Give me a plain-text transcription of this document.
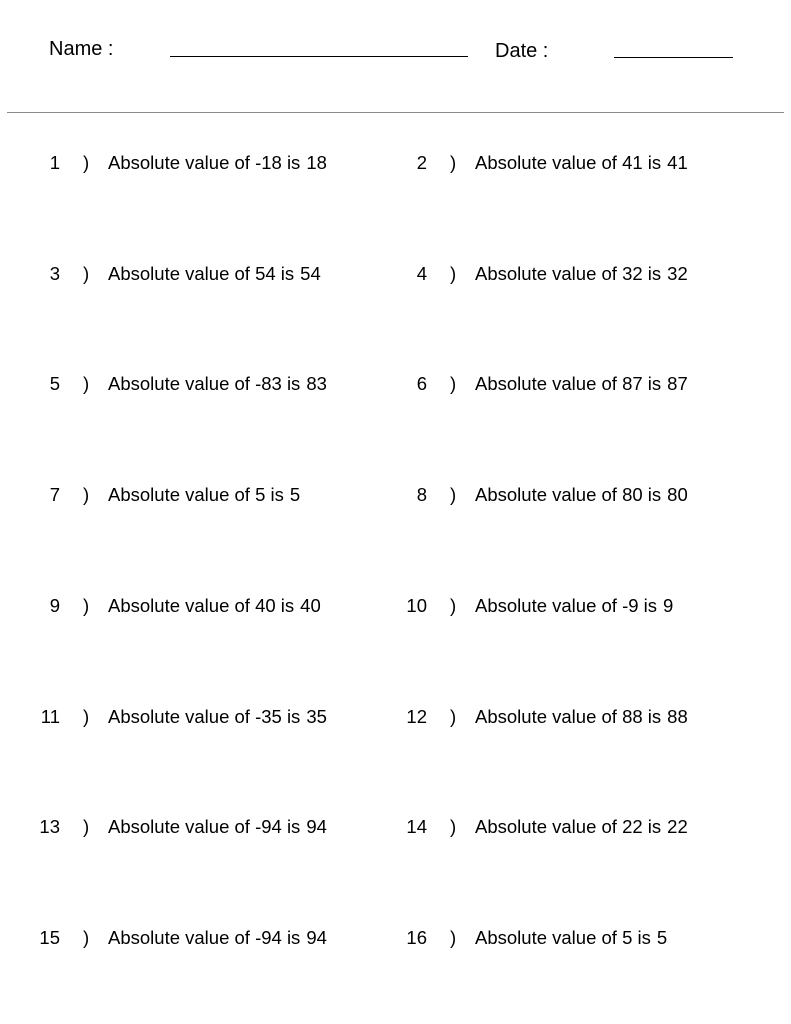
Name :	Date :
1 ) Absolute value of -18 is 18	2 ) Absolute value of 41 is 41
3 ) Absolute value of 54 is 54	4 ) Absolute value of 32 is 32
5 ) Absolute value of -83 is 83	6 ) Absolute value of 87 is 87
7 ) Absolute value of 5 is 5	8 ) Absolute value of 80 is 80
9 ) Absolute value of 40 is 40	10 ) Absolute value of -9 is 9
11 ) Absolute value of -35 is 35	12 ) Absolute value of 88 is 88
13 ) Absolute value of -94 is 94	14 ) Absolute value of 22 is 22
15 ) Absolute value of -94 is 94	16 ) Absolute value of 5 is 5
